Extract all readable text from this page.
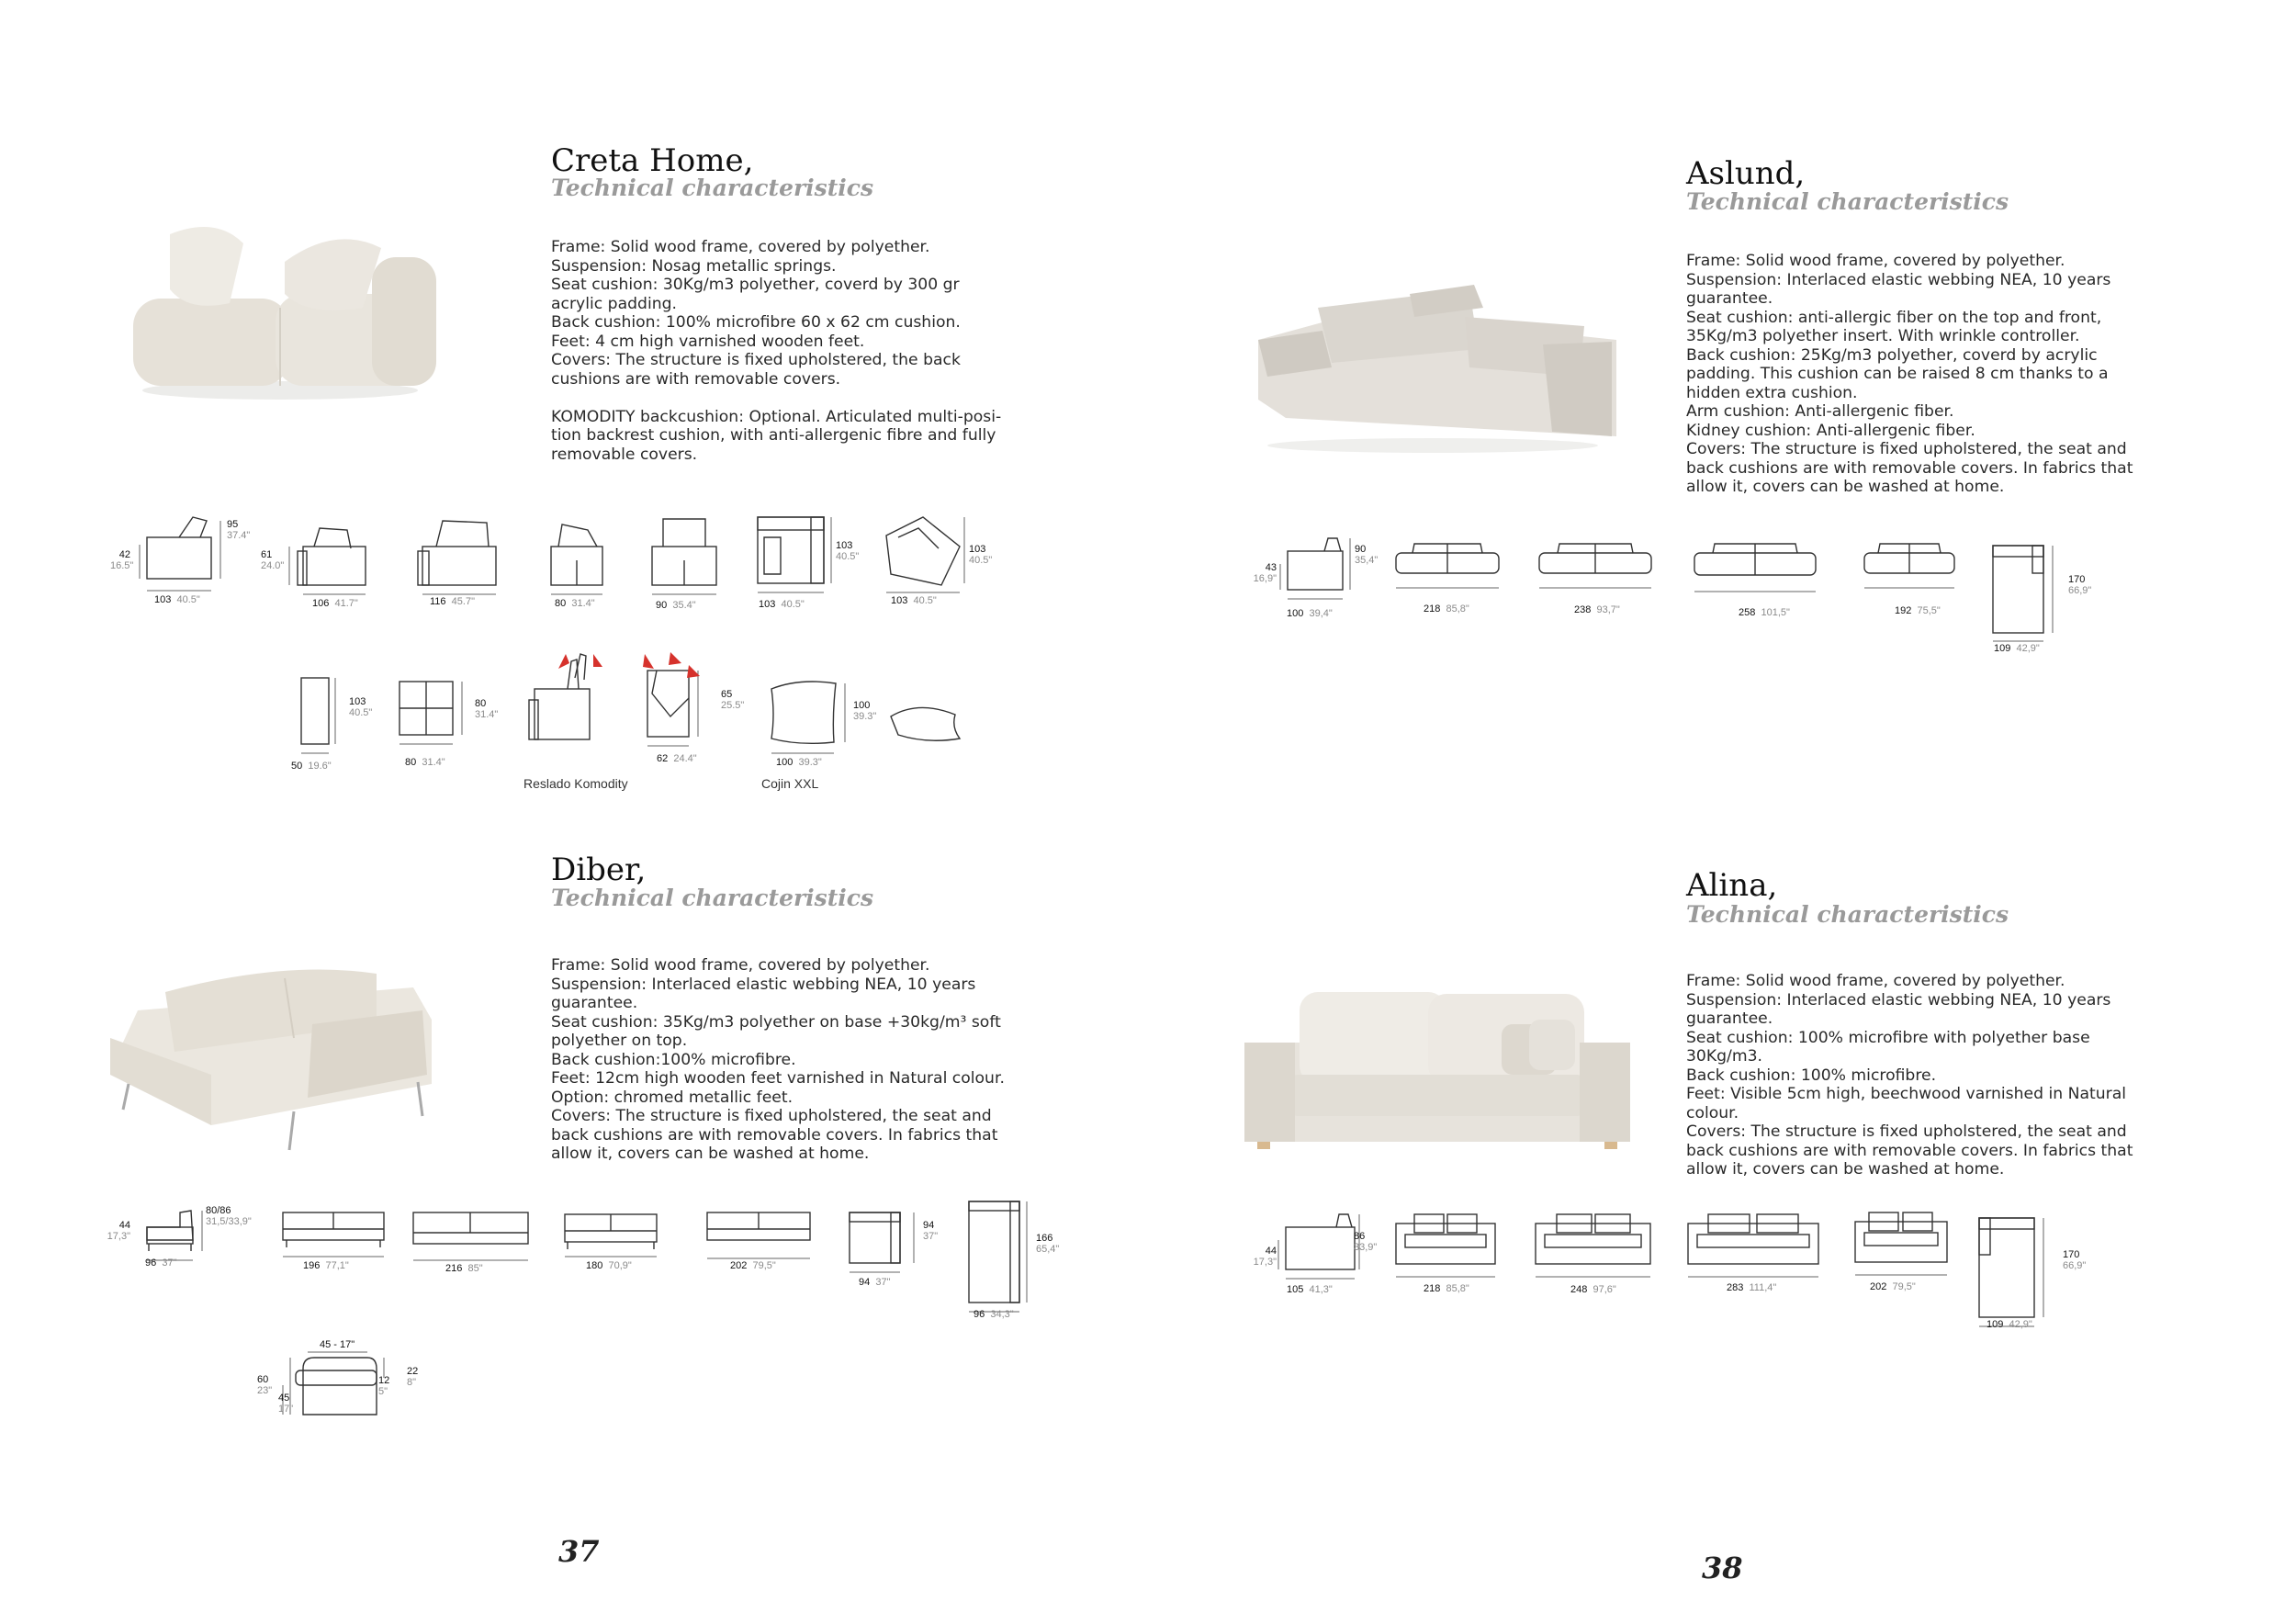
Creta Home,
Technical characteristics
Frame: Solid wood frame, covered by polyether.
Suspension: Nosag metallic springs.
Seat cushion: 30Kg/m3 polyether, coverd by 300 gr
acrylic padding.
Back cushion: 100% microfibre 60 x 62 cm cushion.
Feet: 4 cm high varnished wooden feet.
Covers: The structure is fixed upholstered, the back
cushions are with removable covers.

KOMODITY backcushion: Optional. Articulated multi-posi-
tion backrest cushion, with anti-allergenic fibre and fully
removable covers.
95
37.4"
42
16.5"
103 40.5"
61
24.0"
106 41.7"	116 45.7"	80 31.4"	90 35.4"
103
40.5"
103 40.5"
103
40.5"
103 40.5"
103
40.5"
50 19.6"
80
31.4"
80 31.4"
65
25.5"
62 24.4"
100
39.3"
100 39.3"
Reslado Komodity	Cojin XXL
Diber,
Technical characteristics
Frame: Solid wood frame, covered by polyether.
Suspension: Interlaced elastic webbing NEA, 10 years
guarantee.
Seat cushion: 35Kg/m3 polyether on base +30kg/m³ soft
polyether on top.
Back cushion:100% microfibre.
Feet: 12cm high wooden feet varnished in Natural colour.
Option: chromed metallic feet.
Covers: The structure is fixed upholstered, the seat and
back cushions are with removable covers. In fabrics that
allow it, covers can be washed at home.
80/86
31,5/33,9"
44
17,3"
96 37"	196 77,1"	216 85"	180 70,9"	202 79,5"
94
37"
94 37"
166
65,4"
96 34,3"
45 - 17"
60
23"
45
17"
12
5"
22
8"
Aslund,
Technical characteristics
Frame: Solid wood frame, covered by polyether.
Suspension: Interlaced elastic webbing NEA, 10 years
guarantee.
Seat cushion: anti-allergic fiber on the top and front,
35Kg/m3 polyether insert. With wrinkle controller.
Back cushion: 25Kg/m3 polyether, coverd by acrylic
padding. This cushion can be raised 8 cm thanks to a
hidden extra cushion.
Arm cushion: Anti-allergenic fiber.
Kidney cushion: Anti-allergenic fiber.
Covers: The structure is fixed upholstered, the seat and
back cushions are with removable covers. In fabrics that
allow it, covers can be washed at home.
90
35,4"
43
16,9"
100 39,4"	218 85,8"	238 93,7"	258 101,5"	192 75,5"
170
66,9"
109 42,9"
Alina,
Technical characteristics
Frame: Solid wood frame, covered by polyether.
Suspension: Interlaced elastic webbing NEA, 10 years
guarantee.
Seat cushion: 100% microfibre with polyether base
30Kg/m3.
Back cushion: 100% microfibre.
Feet: Visible 5cm high, beechwood varnished in Natural
colour.
Covers: The structure is fixed upholstered, the seat and
back cushions are with removable covers. In fabrics that
allow it, covers can be washed at home.
86
33,9"
44
17,3"
105 41,3"	218 85,8"	248 97,6"	283 111,4"	202 79,5"
170
66,9"
109 42,9"
37	38
